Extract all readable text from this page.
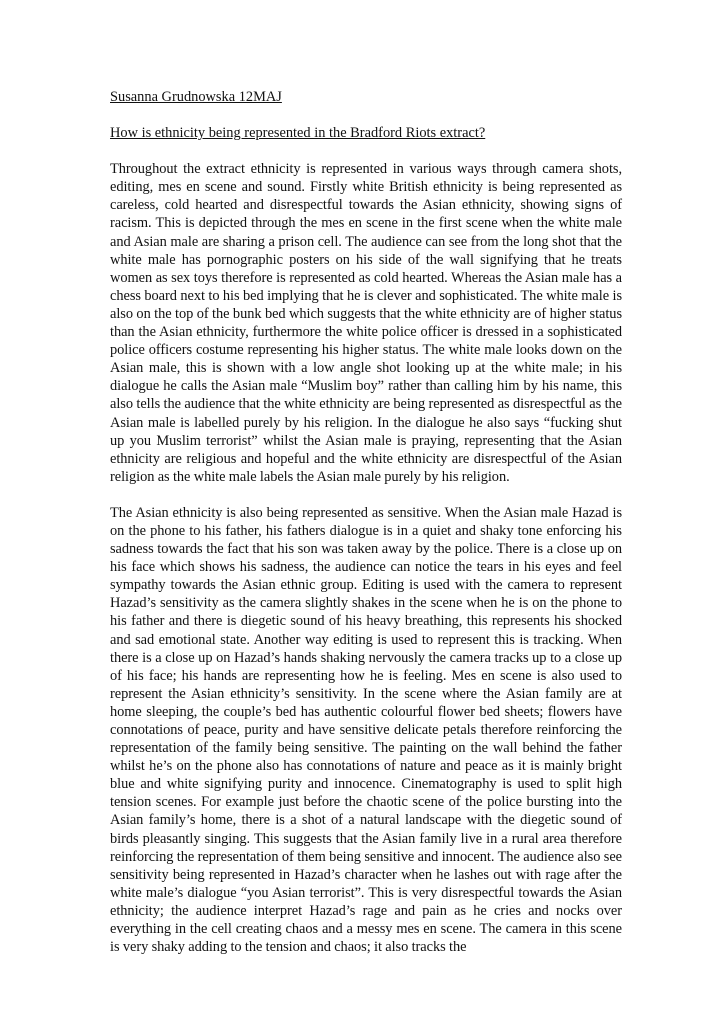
Susanna Grudnowska 12MAJ

How is ethnicity being represented in the Bradford Riots extract?

Throughout the extract ethnicity is represented in various ways through camera shots, editing, mes en scene and sound. Firstly white British ethnicity is being represented as careless, cold hearted and disrespectful towards the Asian ethnicity, showing signs of racism. This is depicted through the mes en scene in the first scene when the white male and Asian male are sharing a prison cell. The audience can see from the long shot that the white male has pornographic posters on his side of the wall signifying that he treats women as sex toys therefore is represented as cold hearted. Whereas the Asian male has a chess board next to his bed implying that he is clever and sophisticated. The white male is also on the top of the bunk bed which suggests that the white ethnicity are of higher status than the Asian ethnicity, furthermore the white police officer is dressed in a sophisticated police officers costume representing his higher status. The white male looks down on the Asian male, this is shown with a low angle shot looking up at the white male; in his dialogue he calls the Asian male “Muslim boy” rather than calling him by his name, this also tells the audience that the white ethnicity are being represented as disrespectful as the Asian male is labelled purely by his religion. In the dialogue he also says “fucking shut up you Muslim terrorist” whilst the Asian male is praying, representing that the Asian ethnicity are religious and hopeful and the white ethnicity are disrespectful of the Asian religion as the white male labels the Asian male purely by his religion.

The Asian ethnicity is also being represented as sensitive. When the Asian male Hazad is on the phone to his father, his fathers dialogue is in a quiet and shaky tone enforcing his sadness towards the fact that his son was taken away by the police. There is a close up on his face which shows his sadness, the audience can notice the tears in his eyes and feel sympathy towards the Asian ethnic group. Editing is used with the camera to represent Hazad’s sensitivity as the camera slightly shakes in the scene when he is on the phone to his father and there is diegetic sound of his heavy breathing, this represents his shocked and sad emotional state. Another way editing is used to represent this is tracking. When there is a close up on Hazad’s hands shaking nervously the camera tracks up to a close up of his face; his hands are representing how he is feeling. Mes en scene is also used to represent the Asian ethnicity’s sensitivity. In the scene where the Asian family are at home sleeping, the couple’s bed has authentic colourful flower bed sheets; flowers have connotations of peace, purity and have sensitive delicate petals therefore reinforcing the representation of the family being sensitive. The painting on the wall behind the father whilst he’s on the phone also has connotations of nature and peace as it is mainly bright blue and white signifying purity and innocence. Cinematography is used to split high tension scenes. For example just before the chaotic scene of the police bursting into the Asian family’s home, there is a shot of a natural landscape with the diegetic sound of birds pleasantly singing. This suggests that the Asian family live in a rural area therefore reinforcing the representation of them being sensitive and innocent. The audience also see sensitivity being represented in Hazad’s character when he lashes out with rage after the white male’s dialogue “you Asian terrorist”. This is very disrespectful towards the Asian ethnicity; the audience interpret Hazad’s rage and pain as he cries and nocks over everything in the cell creating chaos and a messy mes en scene. The camera in this scene is very shaky adding to the tension and chaos; it also tracks the
